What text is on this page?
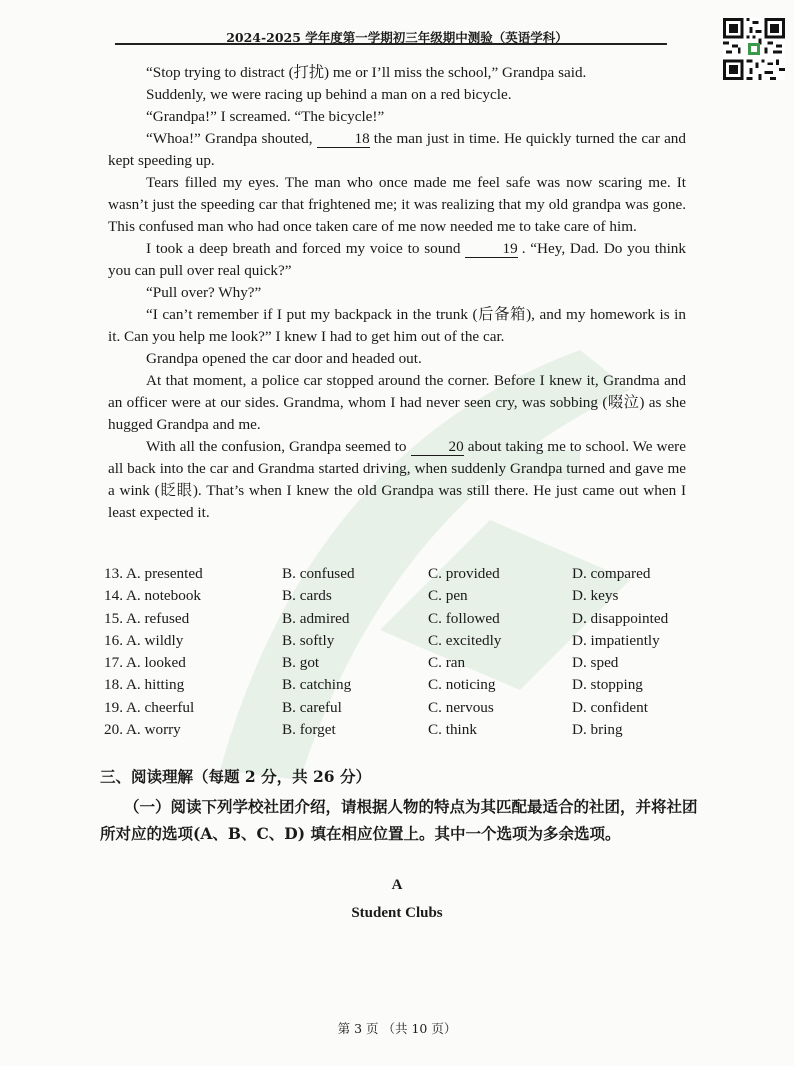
2024-2025 学年度第一学期初三年级期中测验（英语学科）

“Stop trying to distract (打扰) me or I’ll miss the school,” Grandpa said.

Suddenly, we were racing up behind a man on a red bicycle.

“Grandpa!” I screamed. “The bicycle!”

“Whoa!” Grandpa shouted,	18 the man just in time. He quickly turned the car and kept speeding up.

Tears filled my eyes. The man who once made me feel safe was now scaring me. It wasn’t just the speeding car that frightened me; it was realizing that my old grandpa was gone. This confused man who had once taken care of me now needed me to take care of him.

I took a deep breath and forced my voice to sound	19 . “Hey, Dad. Do you think you can pull over real quick?”

“Pull over? Why?”

“I can’t remember if I put my backpack in the trunk (后备箱), and my homework is in it. Can you help me look?” I knew I had to get him out of the car.

Grandpa opened the car door and headed out.

At that moment, a police car stopped around the corner. Before I knew it, Grandma and an officer were at our sides. Grandma, whom I had never seen cry, was sobbing (啜泣) as she hugged Grandpa and me.

With all the confusion, Grandpa seemed to	20 about taking me to school. We were all back into the car and Grandma started driving, when suddenly Grandpa turned and gave me a wink (眨眼). That’s when I knew the old Grandpa was still there. He just came out when I least expected it.

13. A. presented	B. confused	C. provided	D. compared
14. A. notebook	B. cards	C. pen	D. keys
15. A. refused	B. admired	C. followed	D. disappointed
16. A. wildly	B. softly	C. excitedly	D. impatiently
17. A. looked	B. got	C. ran	D. sped
18. A. hitting	B. catching	C. noticing	D. stopping
19. A. cheerful	B. careful	C. nervous	D. confident
20. A. worry	B. forget	C. think	D. bring
三、阅读理解（每题 2 分，共 26 分）

（一）阅读下列学校社团介绍，请根据人物的特点为其匹配最适合的社团，并将社团所对应的选项(A、B、C、D) 填在相应位置上。其中一个选项为多余选项。

A
Student Clubs
第 3 页 （共 10 页）
